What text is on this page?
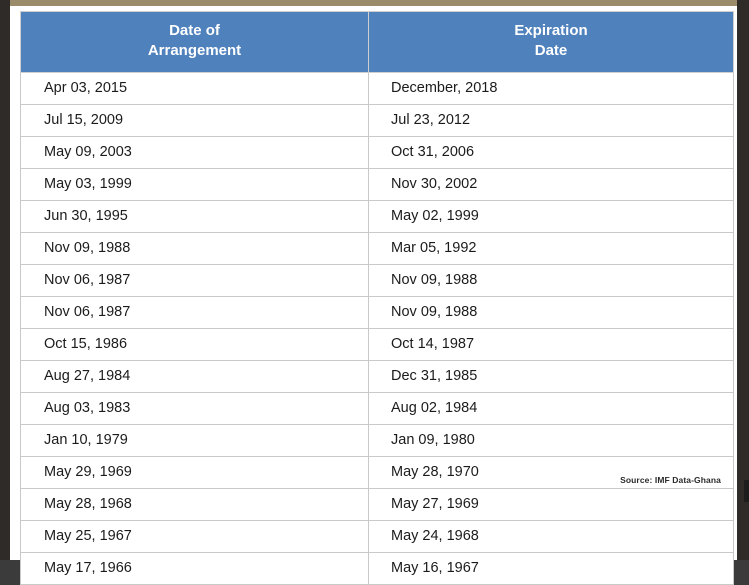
Date of
Arrangement	Expiration
Date

Apr 03, 2015	December, 2018
Jul 15, 2009	Jul 23, 2012
May 09, 2003	Oct 31, 2006
May 03, 1999	Nov 30, 2002
Jun 30, 1995	May 02, 1999
Nov 09, 1988	Mar 05, 1992
Nov 06, 1987	Nov 09, 1988
Nov 06, 1987	Nov 09, 1988
Oct 15, 1986	Oct 14, 1987
Aug 27, 1984	Dec 31, 1985
Aug 03, 1983	Aug 02, 1984
Jan 10, 1979	Jan 09, 1980
May 29, 1969	May 28, 1970 Source: IMF Data-Ghana

May 28, 1968	May 27, 1969
May 25, 1967	May 24, 1968
May 17, 1966	May 16, 1967
